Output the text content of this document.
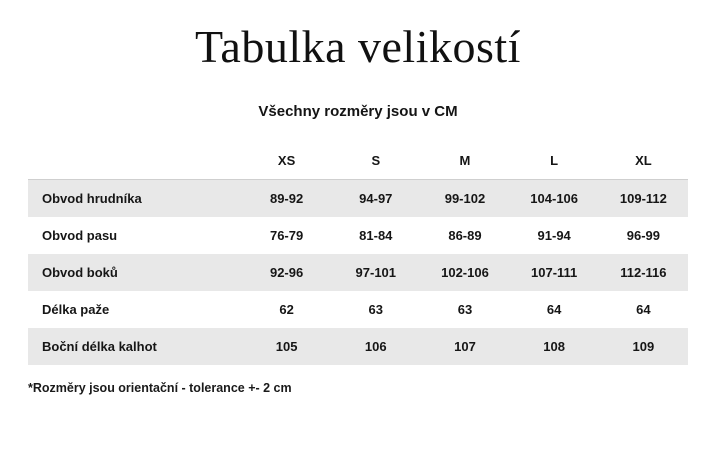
Tabulka velikostí
Všechny rozměry jsou v CM
	XS	S	M	L	XL
Obvod hrudníka	89-92	94-97	99-102	104-106	109-112
Obvod pasu	76-79	81-84	86-89	91-94	96-99
Obvod boků	92-96	97-101	102-106	107-111	112-116
Délka paže	62	63	63	64	64
Boční délka kalhot	105	106	107	108	109
*Rozměry jsou orientační - tolerance +- 2 cm
